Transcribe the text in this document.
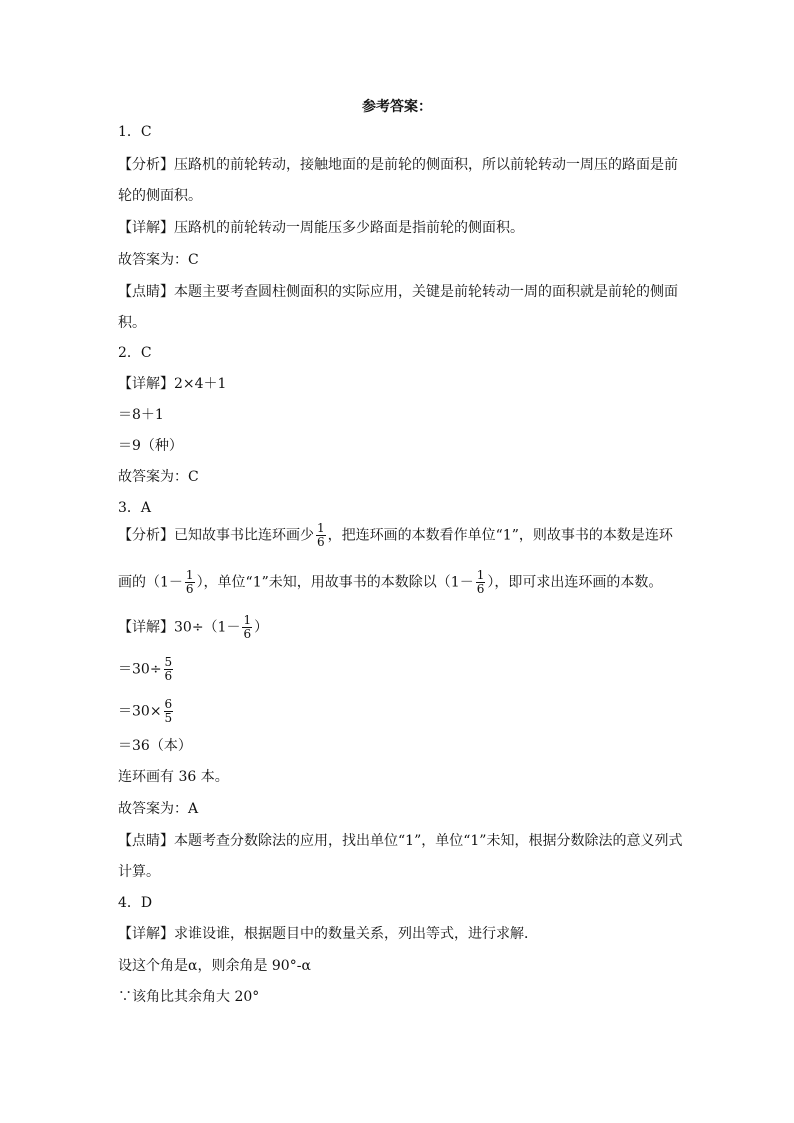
参考答案：
1．C
【分析】压路机的前轮转动，接触地面的是前轮的侧面积，所以前轮转动一周压的路面是前
轮的侧面积。
【详解】压路机的前轮转动一周能压多少路面是指前轮的侧面积。
故答案为：C
【点睛】本题主要考查圆柱侧面积的实际应用，关键是前轮转动一周的面积就是前轮的侧面
积。
2．C
【详解】2×4＋1
＝8＋1
＝9（种）
故答案为：C
3．A
【分析】已知故事书比连环画少 $\frac{1}{6}$ ，把连环画的本数看作单位“1”，则故事书的本数是连环
画的（$1- \frac{1}{6}$ ），单位“1”未知，用故事书的本数除以（$1- \frac{1}{6}$ ），即可求出连环画的本数。
【详解】$30\div(1- \frac{1}{6}$ ）
$=30\div \frac{5}{6}$
$=30\times \frac{6}{5}$
＝36（本）
连环画有 36 本。
故答案为：A
【点睛】本题考查分数除法的应用，找出单位“1”，单位“1”未知，根据分数除法的意义列式
计算。
4．D
【详解】求谁设谁，根据题目中的数量关系，列出等式，进行求解．
设这个角是α，则余角是 90°-α
∵该角比其余角大 20°
